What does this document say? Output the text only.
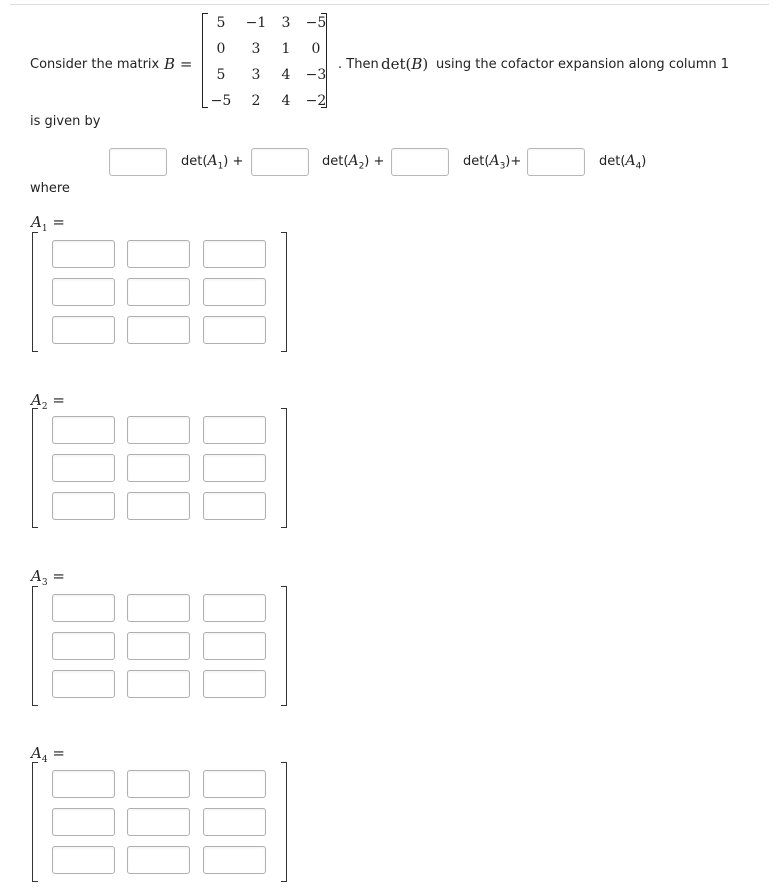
Consider the matrix B =
5	−1	3	−5
0	3	1	0
5	3	4	−3
−5	2	4	−2
. Then det(B) using the cofactor expansion along column 1
is given by
$\det(A_1)$ +	$\det(A_2)$ +	$\det(A_3)+$	$\det(A_4)$
where
$A_1$ =
$A_2$ =
$A_3$ =
$A_4$ =
